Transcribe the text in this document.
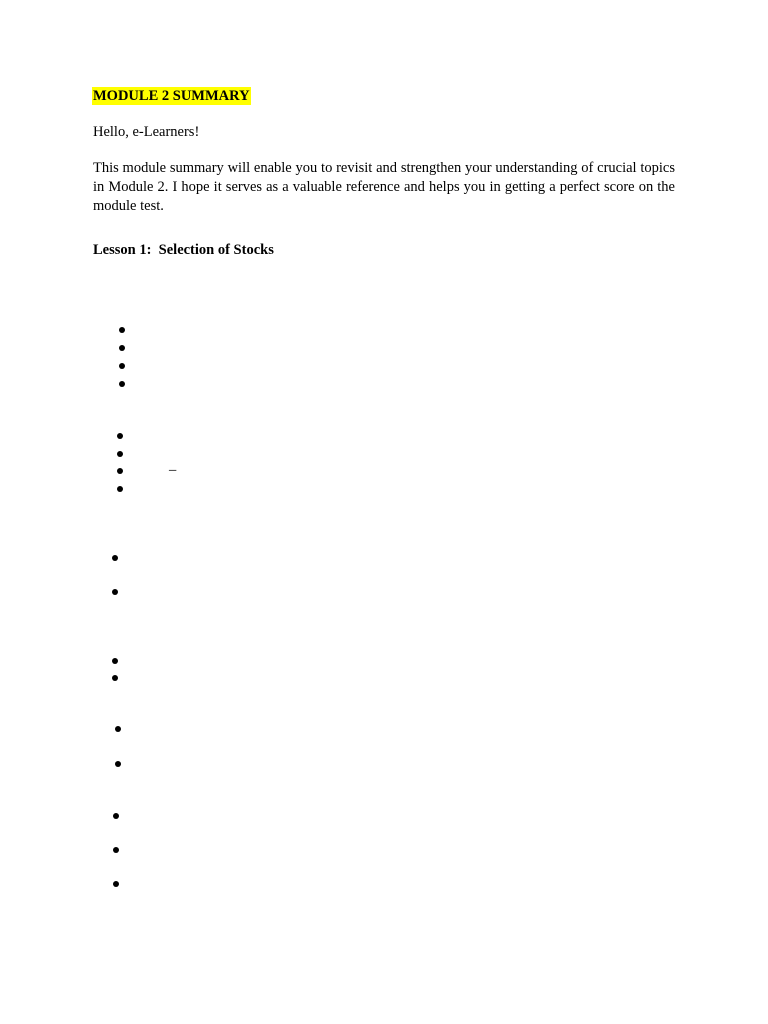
MODULE 2 SUMMARY
Hello, e-Learners!

This module summary will enable you to revisit and strengthen your understanding of crucial topics in Module 2. I hope it serves as a valuable reference and helps you in getting a perfect score on the module test.

Lesson 1:  Selection of Stocks
–
